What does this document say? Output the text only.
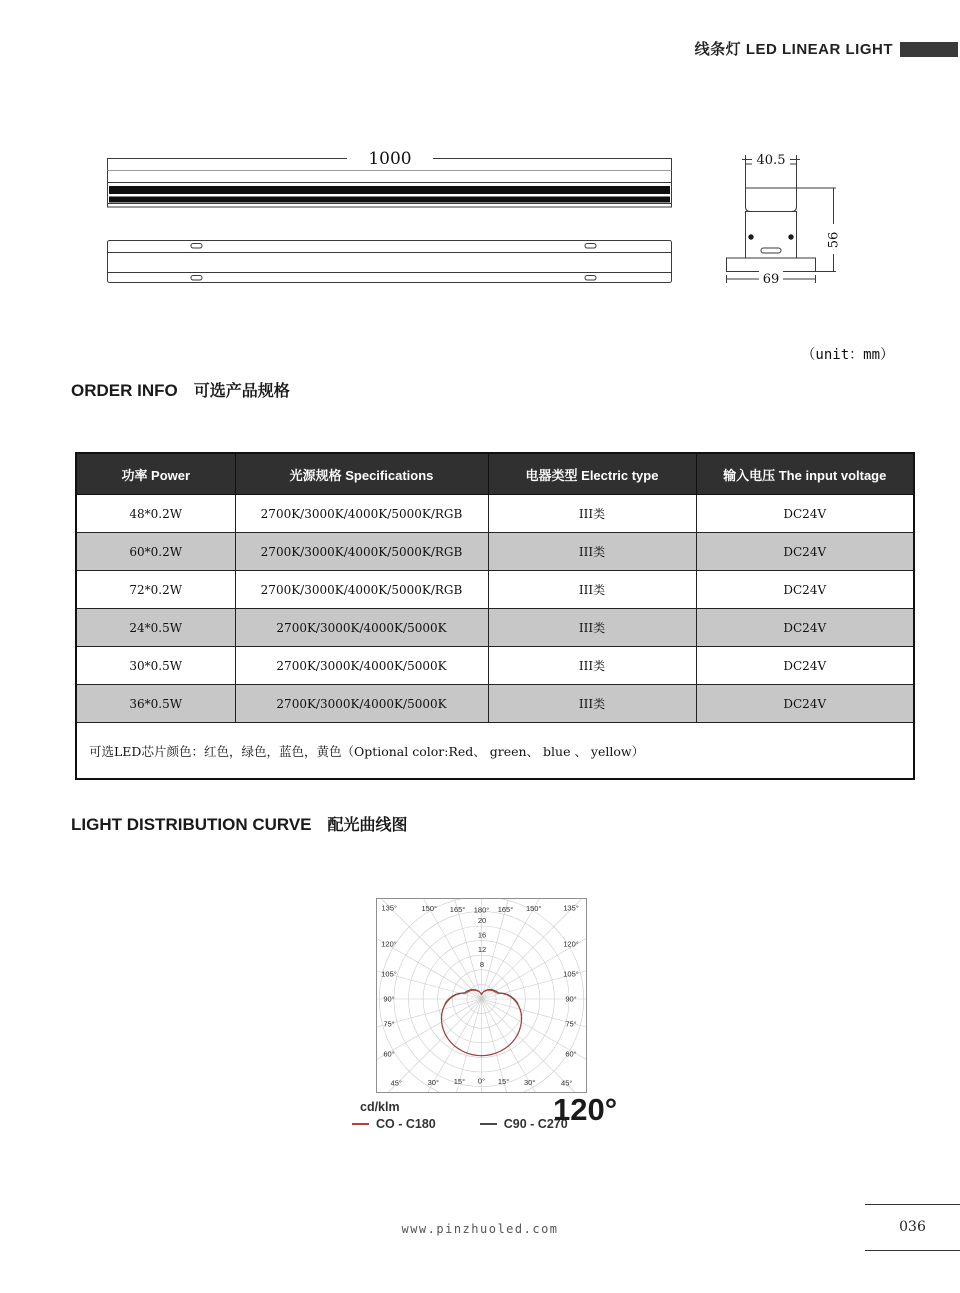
线条灯 LED LINEAR LIGHT
1000	40.5
56
69
（unit：mm）
ORDER INFO 可选产品规格
功率 Power	光源规格 Specifications	电器类型 Electric type	输入电压 The input voltage
48*0.2W	2700K/3000K/4000K/5000K/RGB	III类	DC24V
60*0.2W	2700K/3000K/4000K/5000K/RGB	III类	DC24V
72*0.2W	2700K/3000K/4000K/5000K/RGB	III类	DC24V
24*0.5W	2700K/3000K/4000K/5000K	III类	DC24V
30*0.5W	2700K/3000K/4000K/5000K	III类	DC24V
36*0.5W	2700K/3000K/4000K/5000K	III类	DC24V
可选LED芯片颜色：红色，绿色，蓝色，黄色（Optional color:Red、 green、 blue 、 yellow）			
LIGHT DISTRIBUTION CURVE 配光曲线图
0° 15° 30°	45°
60°
75°
90°
105°
120°
135°
150°
165°
180°
165°
150°
135°
120°
105°
90°
75°
60°
45°	30° 15°
8
12
16
20
cd/klm
CO - C180	C90 - C270
120°
www.pinzhuoled.com	036
